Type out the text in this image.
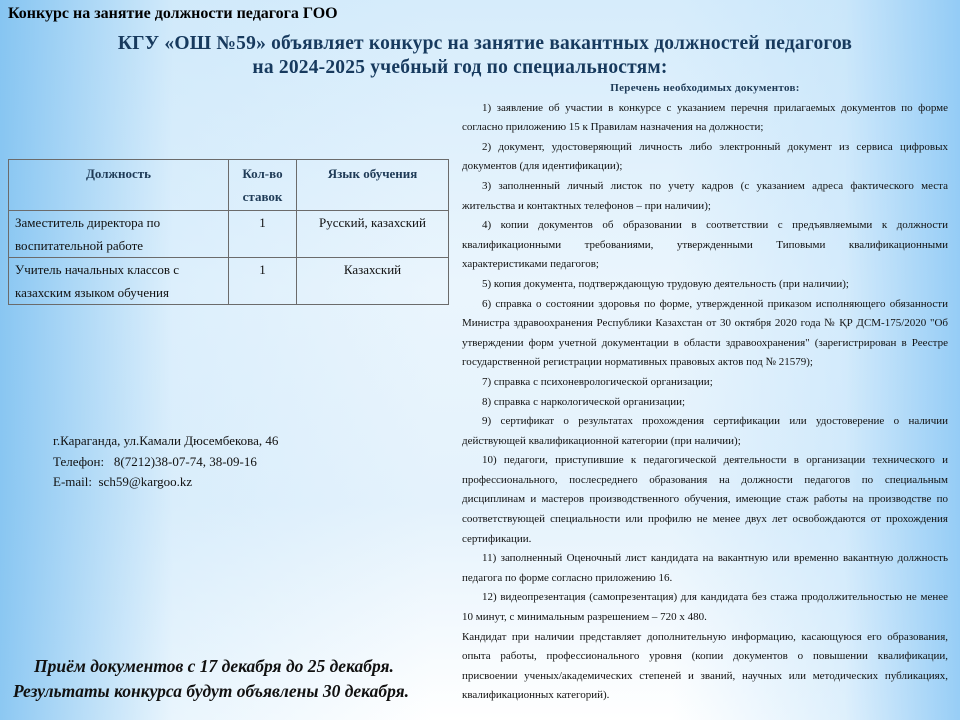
Конкурс на занятие должности педагога ГОО
КГУ «ОШ №59» объявляет конкурс на занятие вакантных должностей педагогов
на 2024-2025 учебный год по специальностям:
Должность	Кол-во ставок	Язык обучения
Заместитель директора по воспитательной работе	1	Русский, казахский
Учитель начальных классов с казахским языком обучения	1	Казахский
г.Караганда, ул.Камали Дюсембекова, 46
Телефон: 8(7212)38-07-74, 38-09-16
E-mail: sch59@kargoo.kz
Перечень необходимых документов:

1) заявление об участии в конкурсе с указанием перечня прилагаемых документов по форме согласно приложению 15 к Правилам назначения на должности;

2) документ, удостоверяющий личность либо электронный документ из сервиса цифровых документов (для идентификации);

3) заполненный личный листок по учету кадров (с указанием адреса фактического места жительства и контактных телефонов – при наличии);

4) копии документов об образовании в соответствии с предъявляемыми к должности квалификационными требованиями, утвержденными Типовыми квалификационными характеристиками педагогов;

5) копия документа, подтверждающую трудовую деятельность (при наличии);

6) справка о состоянии здоровья по форме, утвержденной приказом исполняющего обязанности Министра здравоохранения Республики Казахстан от 30 октября 2020 года № ҚР ДСМ-175/2020 "Об утверждении форм учетной документации в области здравоохранения" (зарегистрирован в Реестре государственной регистрации нормативных правовых актов под № 21579);

7) справка с психоневрологической организации;

8) справка с наркологической организации;

9) сертификат о результатах прохождения сертификации или удостоверение о наличии действующей квалификационной категории (при наличии);

10) педагоги, приступившие к педагогической деятельности в организации технического и профессионального, послесреднего образования на должности педагогов по специальным дисциплинам и мастеров производственного обучения, имеющие стаж работы на производстве по соответствующей специальности или профилю не менее двух лет освобождаются от прохождения сертификации.

11) заполненный Оценочный лист кандидата на вакантную или временно вакантную должность педагога по форме согласно приложению 16.

12) видеопрезентация (самопрезентация) для кандидата без стажа продолжительностью не менее 10 минут, с минимальным разрешением – 720 х 480.

Кандидат при наличии представляет дополнительную информацию, касающуюся его образования, опыта работы, профессионального уровня (копии документов о повышении квалификации, присвоении ученых/академических степеней и званий, научных или методических публикациях, квалификационных категорий).

Приём документов с 17 декабря до 25 декабря.
Результаты конкурса будут объявлены 30 декабря.
